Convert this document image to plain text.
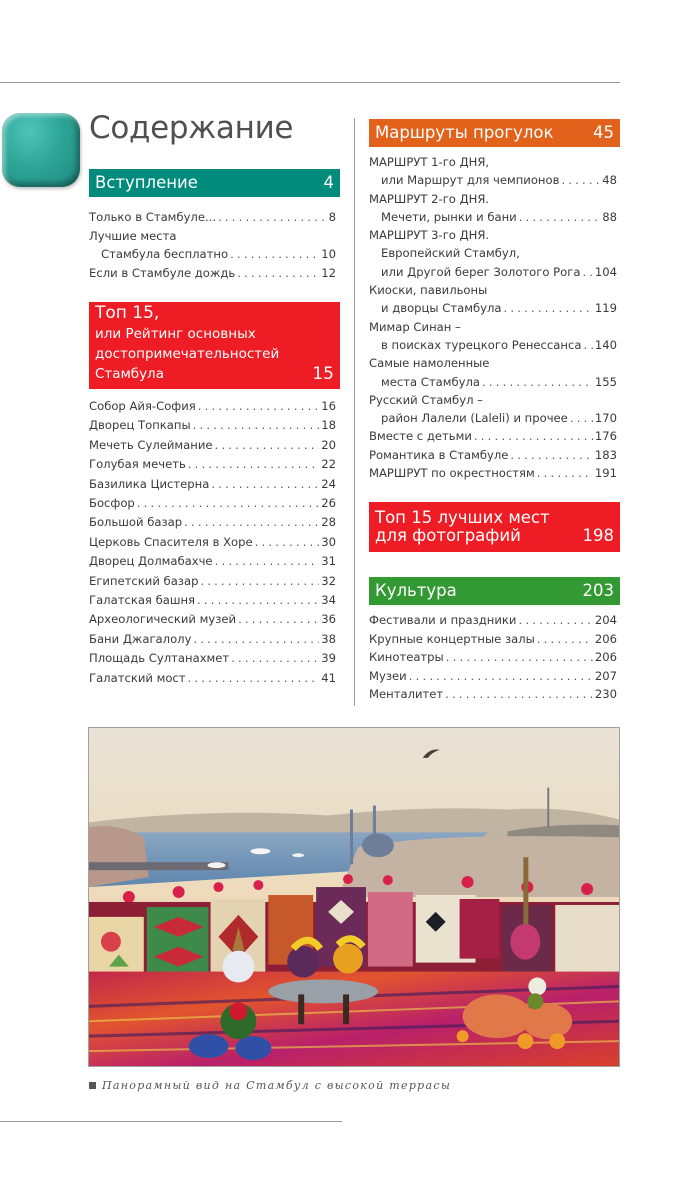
Содержание
Вступление	4
Только в Стамбуле... . . .	8
Лучшие места
Стамбула бесплатно . . .	10
Если в Стамбуле дождь . . .	12
Топ 15,
или Рейтинг основных
достопримечательностей
Стамбула	15
Собор Айя-София . . .	16
Дворец Топкапы . . .	18
Мечеть Сулеймание . . .	20
Голубая мечеть . . .	22
Базилика Цистерна . . .	24
Босфор . . .	26
Большой базар . . .	28
Церковь Спасителя в Хоре . . .	30
Дворец Долмабахче . . .	31
Египетский базар . . .	32
Галатская башня . . .	34
Археологический музей . . .	36
Бани Джагалолу . . .	38
Площадь Султанахмет . . .	39
Галатский мост . . .	41
Маршруты прогулок 45
МАРШРУТ 1-го ДНЯ,
или Маршрут для чемпионов . . .	48
МАРШРУТ 2-го ДНЯ.
Мечети, рынки и бани . . .	88
МАРШРУТ 3-го ДНЯ.
Европейский Стамбул,
или Другой берег Золотого Рога . . . 104
Киоски, павильоны
и дворцы Стамбула . . .	119
Мимар Синан –
в поисках турецкого Ренессанса . . . 140
Самые намоленные
места Стамбула . . .	155
Русский Стамбул –
район Лалели (Laleli) и прочее . . . 170
Вместе с детьми . . .	176
Романтика в Стамбуле . . .	183
МАРШРУТ по окрестностям . . .	191
Топ 15 лучших мест
для фотографий	198
Культура	203
Фестивали и праздники . . .	204
Крупные концертные залы . . .	206
Кинотеатры . . .	206
Музеи . . .	207
Менталитет . . .	230
Панорамный вид на Стамбул с высокой террасы
